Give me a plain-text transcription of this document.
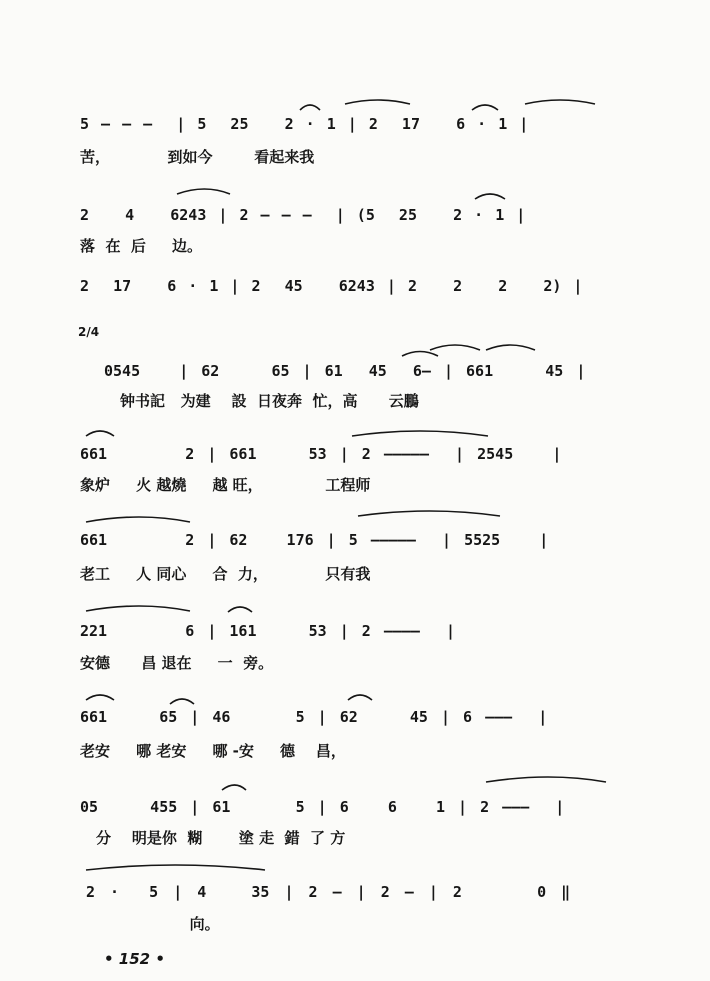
5 — — —  | 5  25   2 · 1 | 2  17   6 · 1 |
苦，           到如今        看起来我
2   4   6243 | 2 — — —  | (5  25   2 · 1 |
落  在  后     边。
2  17   6 · 1 | 2  45   6243 | 2   2   2   2) |
2/4
0545   | 62    65 | 61  45  6— | 661    45 |
钟书記   为建    設  日夜奔  忙，高      云鵬
661      2 | 661    53 | 2 —————  | 2545   |
象炉     火 越燒     越 旺，            工程师
661      2 | 62   176 | 5 —————  | 5525   |
老工     人 同心     合  力，           只有我
221      6 | 161    53 | 2 ————  |
安德      昌 退在     一  旁。
661    65 | 46     5 | 62    45 | 6 ———  |
老安     哪 老安     哪 -安     德    昌，
05    455 | 61     5 | 6   6   1 | 2 ———  |
分    明是你  糊       塗 走  錯  了 方
2 ·  5 | 4   35 | 2 — | 2 — | 2     0 ‖
向。
• 152 •
